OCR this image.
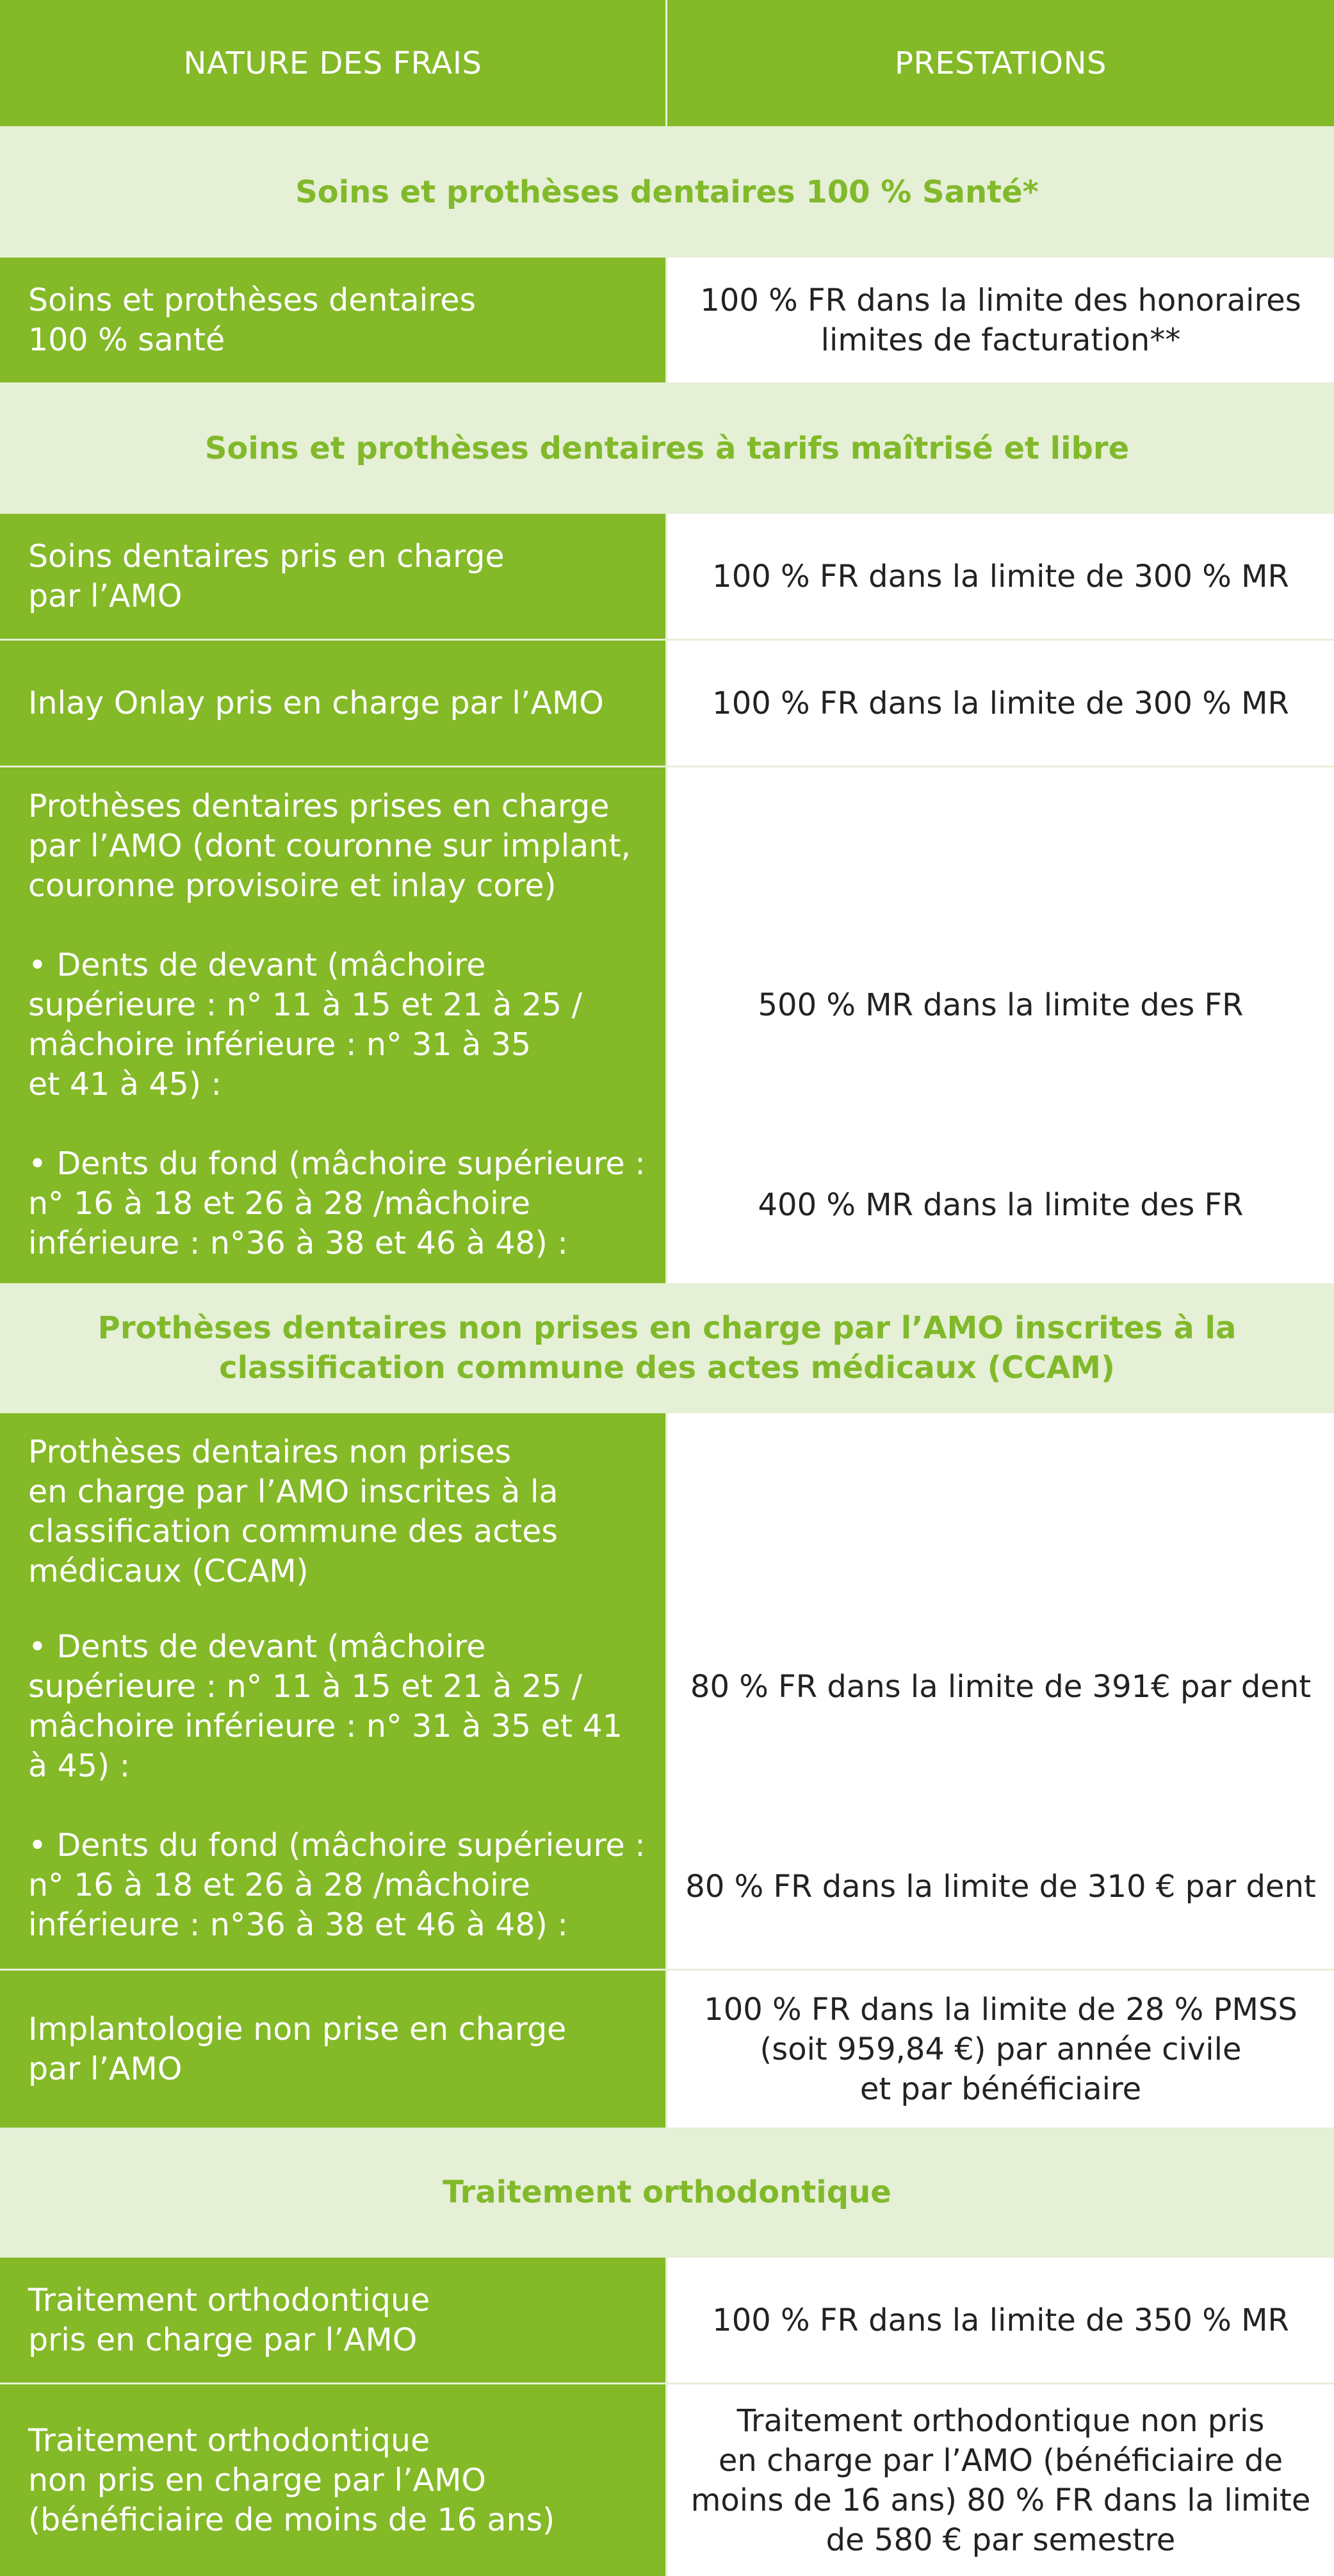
NATURE DES FRAIS	PRESTATIONS
Soins et prothèses dentaires 100 % Santé*
Soins et prothèses dentaires
100 % santé
100 % FR dans la limite des honoraires
limites de facturation**
Soins et prothèses dentaires à tarifs maîtrisé et libre
Soins dentaires pris en charge
par l’AMO
100 % FR dans la limite de 300 % MR
Inlay Onlay pris en charge par l’AMO	100 % FR dans la limite de 300 % MR
Prothèses dentaires prises en charge
par l’AMO (dont couronne sur implant,
couronne provisoire et inlay core)
• Dents de devant (mâchoire
supérieure : n° 11 à 15 et 21 à 25 /
mâchoire inférieure : n° 31 à 35
et 41 à 45) :
• Dents du fond (mâchoire supérieure :
n° 16 à 18 et 26 à 28 /mâchoire
inférieure : n°36 à 38 et 46 à 48) :
500 % MR dans la limite des FR
400 % MR dans la limite des FR
Prothèses dentaires non prises en charge par l’AMO inscrites à la
classification commune des actes médicaux (CCAM)
Prothèses dentaires non prises
en charge par l’AMO inscrites à la
classification commune des actes
médicaux (CCAM)
• Dents de devant (mâchoire
supérieure : n° 11 à 15 et 21 à 25 /
mâchoire inférieure : n° 31 à 35 et 41
à 45) :
• Dents du fond (mâchoire supérieure :
n° 16 à 18 et 26 à 28 /mâchoire
inférieure : n°36 à 38 et 46 à 48) :
80 % FR dans la limite de 391€ par dent
80 % FR dans la limite de 310 € par dent
Implantologie non prise en charge
par l’AMO
100 % FR dans la limite de 28 % PMSS
(soit 959,84 €) par année civile
et par bénéficiaire
Traitement orthodontique
Traitement orthodontique
pris en charge par l’AMO
100 % FR dans la limite de 350 % MR
Traitement orthodontique
non pris en charge par l’AMO
(bénéficiaire de moins de 16 ans)
Traitement orthodontique non pris
en charge par l’AMO (bénéficiaire de
moins de 16 ans) 80 % FR dans la limite
de 580 € par semestre
